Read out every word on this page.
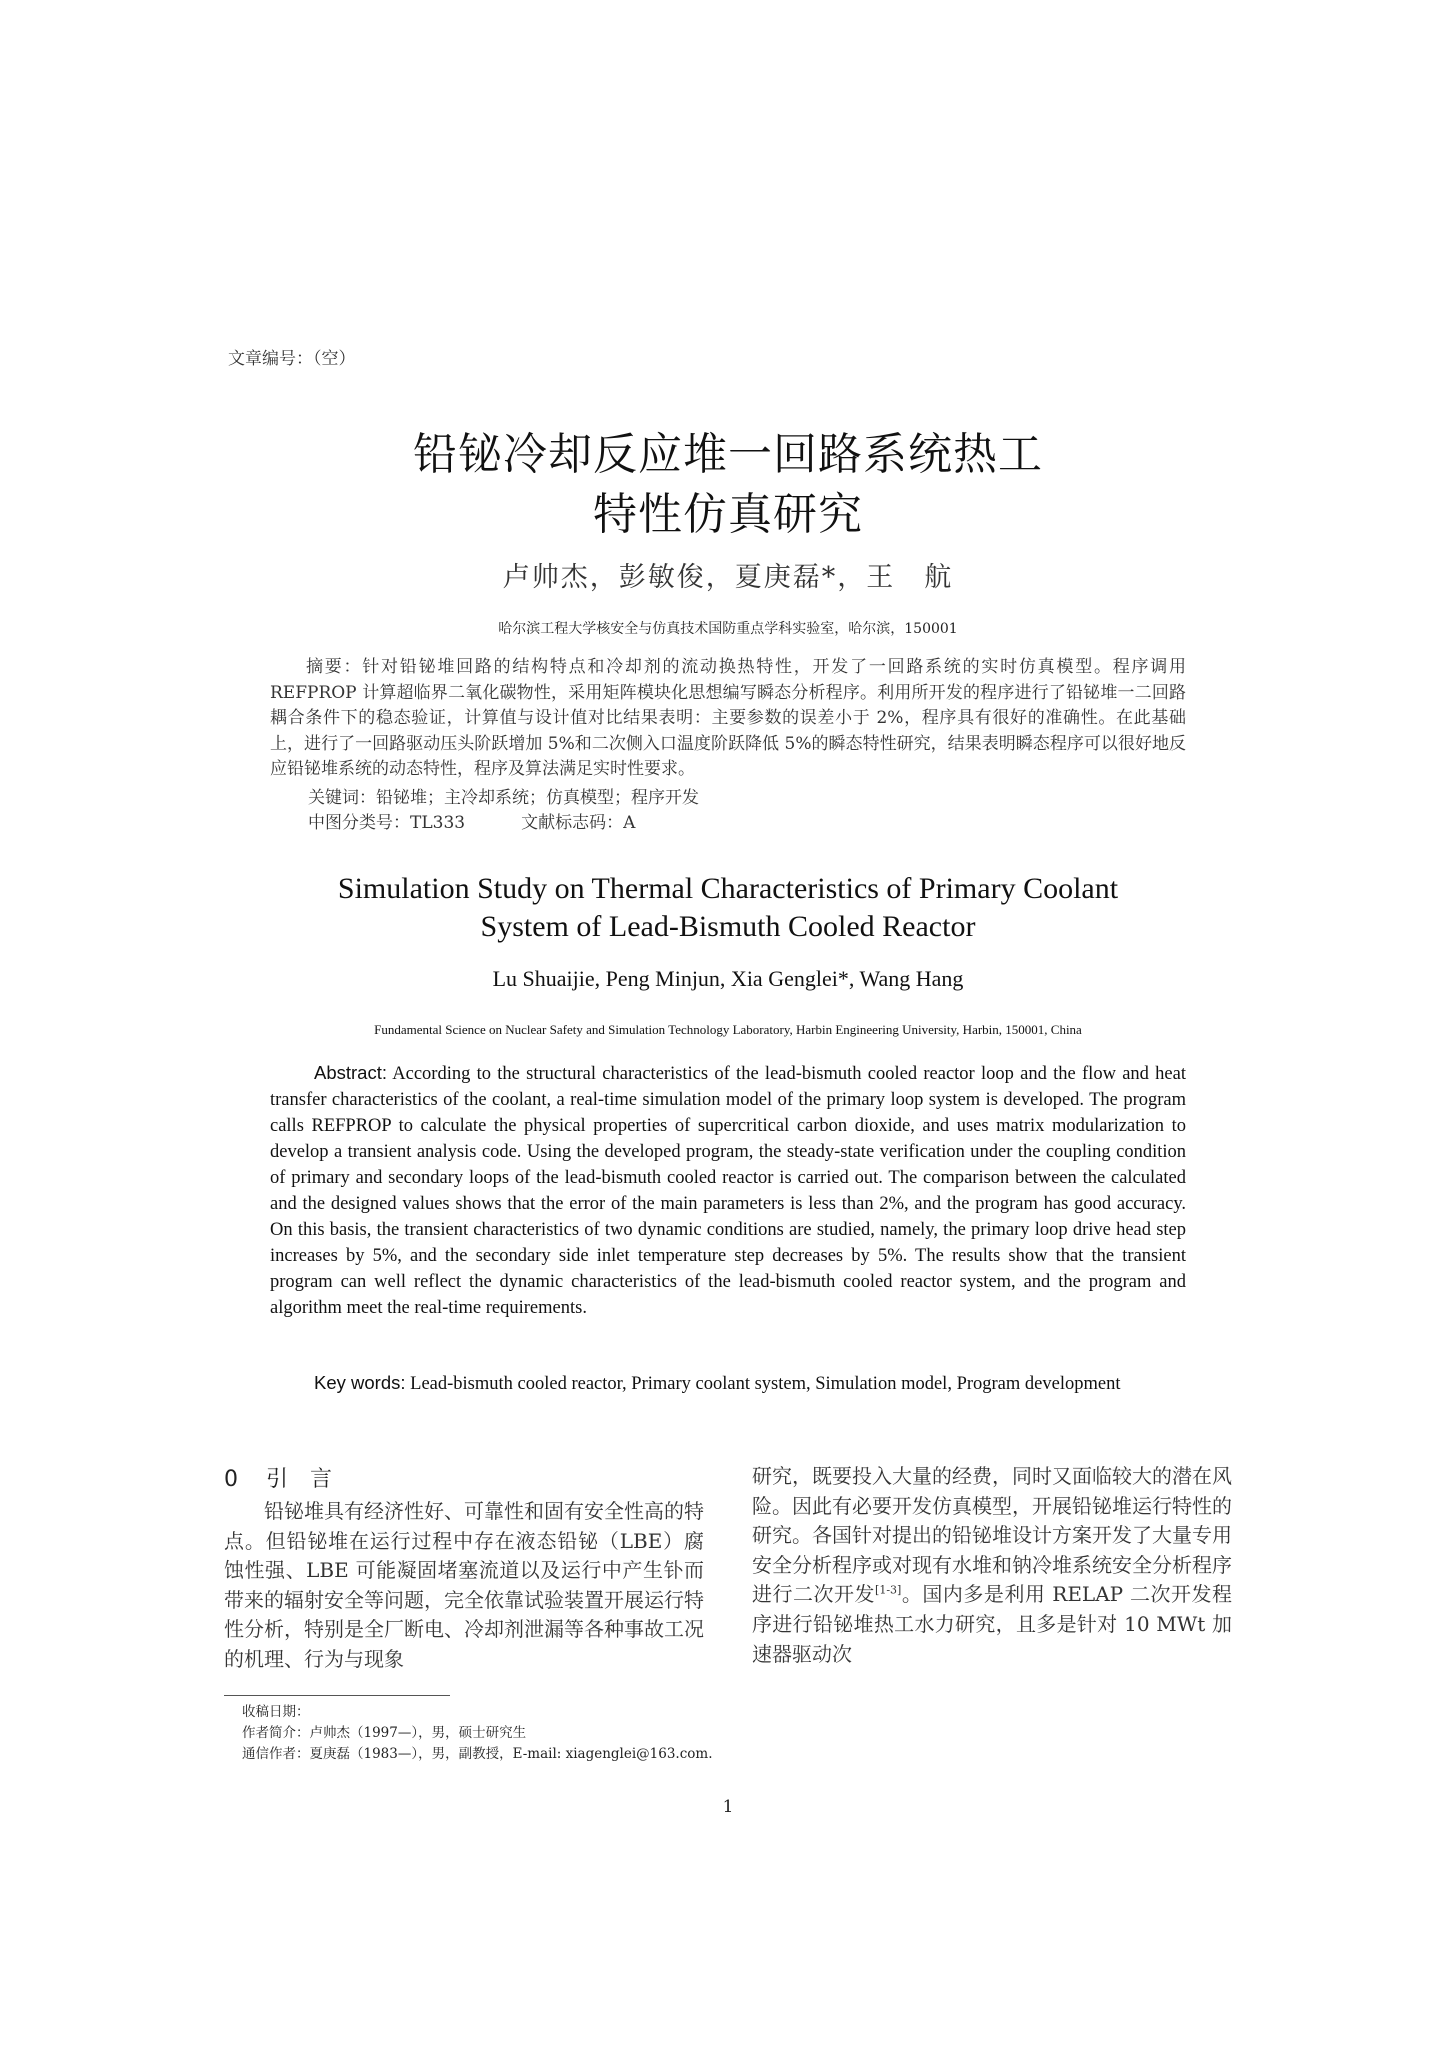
文章编号：（空）
铅铋冷却反应堆一回路系统热工
特性仿真研究
卢帅杰，彭敏俊，夏庚磊*，王　航
哈尔滨工程大学核安全与仿真技术国防重点学科实验室，哈尔滨，150001
摘要：针对铅铋堆回路的结构特点和冷却剂的流动换热特性，开发了一回路系统的实时仿真模型。程序调用 REFPROP 计算超临界二氧化碳物性，采用矩阵模块化思想编写瞬态分析程序。利用所开发的程序进行了铅铋堆一二回路耦合条件下的稳态验证，计算值与设计值对比结果表明：主要参数的误差小于 2%，程序具有很好的准确性。在此基础上，进行了一回路驱动压头阶跃增加 5%和二次侧入口温度阶跃降低 5%的瞬态特性研究，结果表明瞬态程序可以很好地反应铅铋堆系统的动态特性，程序及算法满足实时性要求。
关键词：铅铋堆；主冷却系统；仿真模型；程序开发
中图分类号：TL333	文献标志码：A
Simulation Study on Thermal Characteristics of Primary Coolant
System of Lead-Bismuth Cooled Reactor
Lu Shuaijie, Peng Minjun, Xia Genglei*, Wang Hang
Fundamental Science on Nuclear Safety and Simulation Technology Laboratory, Harbin Engineering University, Harbin, 150001, China
Abstract: According to the structural characteristics of the lead-bismuth cooled reactor loop and the flow and heat transfer characteristics of the coolant, a real-time simulation model of the primary loop system is developed. The program calls REFPROP to calculate the physical properties of supercritical carbon dioxide, and uses matrix modularization to develop a transient analysis code. Using the developed program, the steady-state verification under the coupling condition of primary and secondary loops of the lead-bismuth cooled reactor is carried out. The comparison between the calculated and the designed values shows that the error of the main parameters is less than 2%, and the program has good accuracy. On this basis, the transient characteristics of two dynamic conditions are studied, namely, the primary loop drive head step increases by 5%, and the secondary side inlet temperature step decreases by 5%. The results show that the transient program can well reflect the dynamic characteristics of the lead-bismuth cooled reactor system, and the program and algorithm meet the real-time requirements.
Key words: Lead-bismuth cooled reactor, Primary coolant system, Simulation model, Program development
0 引　言
铅铋堆具有经济性好、可靠性和固有安全性高的特点。但铅铋堆在运行过程中存在液态铅铋（LBE）腐蚀性强、LBE 可能凝固堵塞流道以及运行中产生钋而带来的辐射安全等问题，完全依靠试验装置开展运行特性分析，特别是全厂断电、冷却剂泄漏等各种事故工况的机理、行为与现象
研究，既要投入大量的经费，同时又面临较大的潜在风险。因此有必要开发仿真模型，开展铅铋堆运行特性的研究。各国针对提出的铅铋堆设计方案开发了大量专用安全分析程序或对现有水堆和钠冷堆系统安全分析程序进行二次开发[1-3]。国内多是利用 RELAP 二次开发程序进行铅铋堆热工水力研究，且多是针对 10 MWt 加速器驱动次
收稿日期：
作者简介：卢帅杰（1997—），男，硕士研究生
通信作者：夏庚磊（1983—），男，副教授，E-mail: xiagenglei@163.com.
1
